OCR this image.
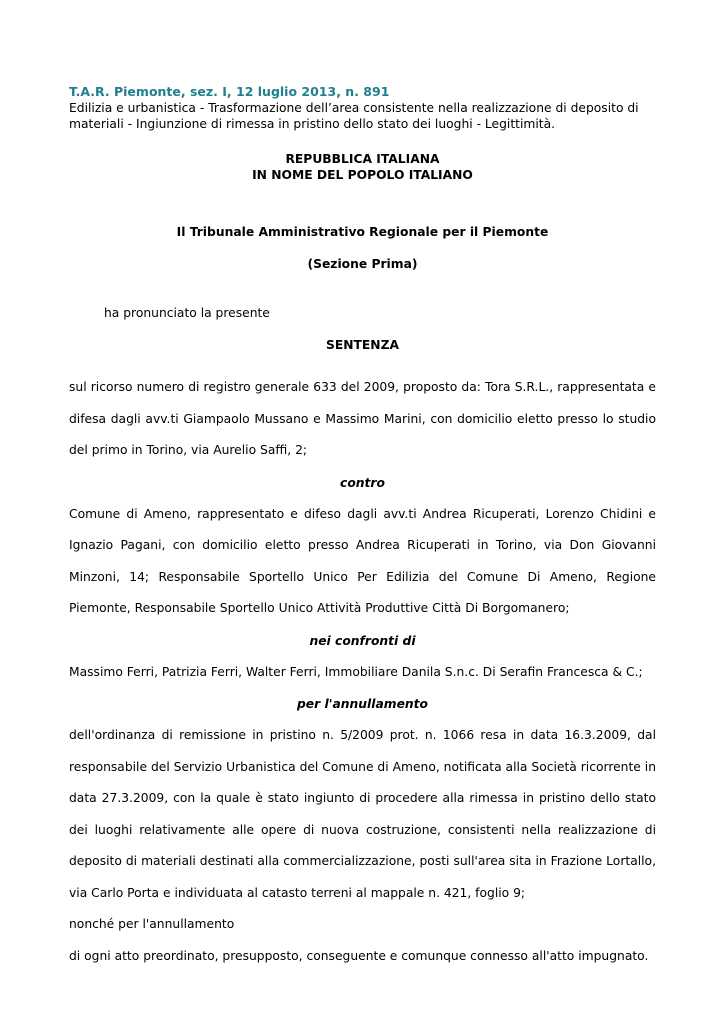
T.A.R. Piemonte, sez. I, 12 luglio 2013, n. 891
Edilizia e urbanistica - Trasformazione dell’area consistente nella realizzazione di deposito di materiali - Ingiunzione di rimessa in pristino dello stato dei luoghi - Legittimità.
REPUBBLICA ITALIANA
IN NOME DEL POPOLO ITALIANO
Il Tribunale Amministrativo Regionale per il Piemonte
(Sezione Prima)
ha pronunciato la presente
SENTENZA
sul ricorso numero di registro generale 633 del 2009, proposto da: Tora S.R.L., rappresentata e difesa dagli avv.ti Giampaolo Mussano e Massimo Marini, con domicilio eletto presso lo studio del primo in Torino, via Aurelio Saffi, 2;
contro
Comune di Ameno, rappresentato e difeso dagli avv.ti Andrea Ricuperati, Lorenzo Chidini e Ignazio Pagani, con domicilio eletto presso Andrea Ricuperati in Torino, via Don Giovanni Minzoni, 14; Responsabile Sportello Unico Per Edilizia del Comune Di Ameno, Regione Piemonte, Responsabile Sportello Unico Attività Produttive Città Di Borgomanero;
nei confronti di
Massimo Ferri, Patrizia Ferri, Walter Ferri, Immobiliare Danila S.n.c. Di Serafin Francesca & C.;
per l'annullamento
dell'ordinanza di remissione in pristino n. 5/2009 prot. n. 1066 resa in data 16.3.2009, dal responsabile del Servizio Urbanistica del Comune di Ameno, notificata alla Società ricorrente in data 27.3.2009, con la quale è stato ingiunto di procedere alla rimessa in pristino dello stato dei luoghi relativamente alle opere di nuova costruzione, consistenti nella realizzazione di deposito di materiali destinati alla commercializzazione, posti sull'area sita in Frazione Lortallo, via Carlo Porta e individuata al catasto terreni al mappale n. 421, foglio 9;
nonché per l'annullamento
di ogni atto preordinato, presupposto, conseguente e comunque connesso all'atto impugnato.
